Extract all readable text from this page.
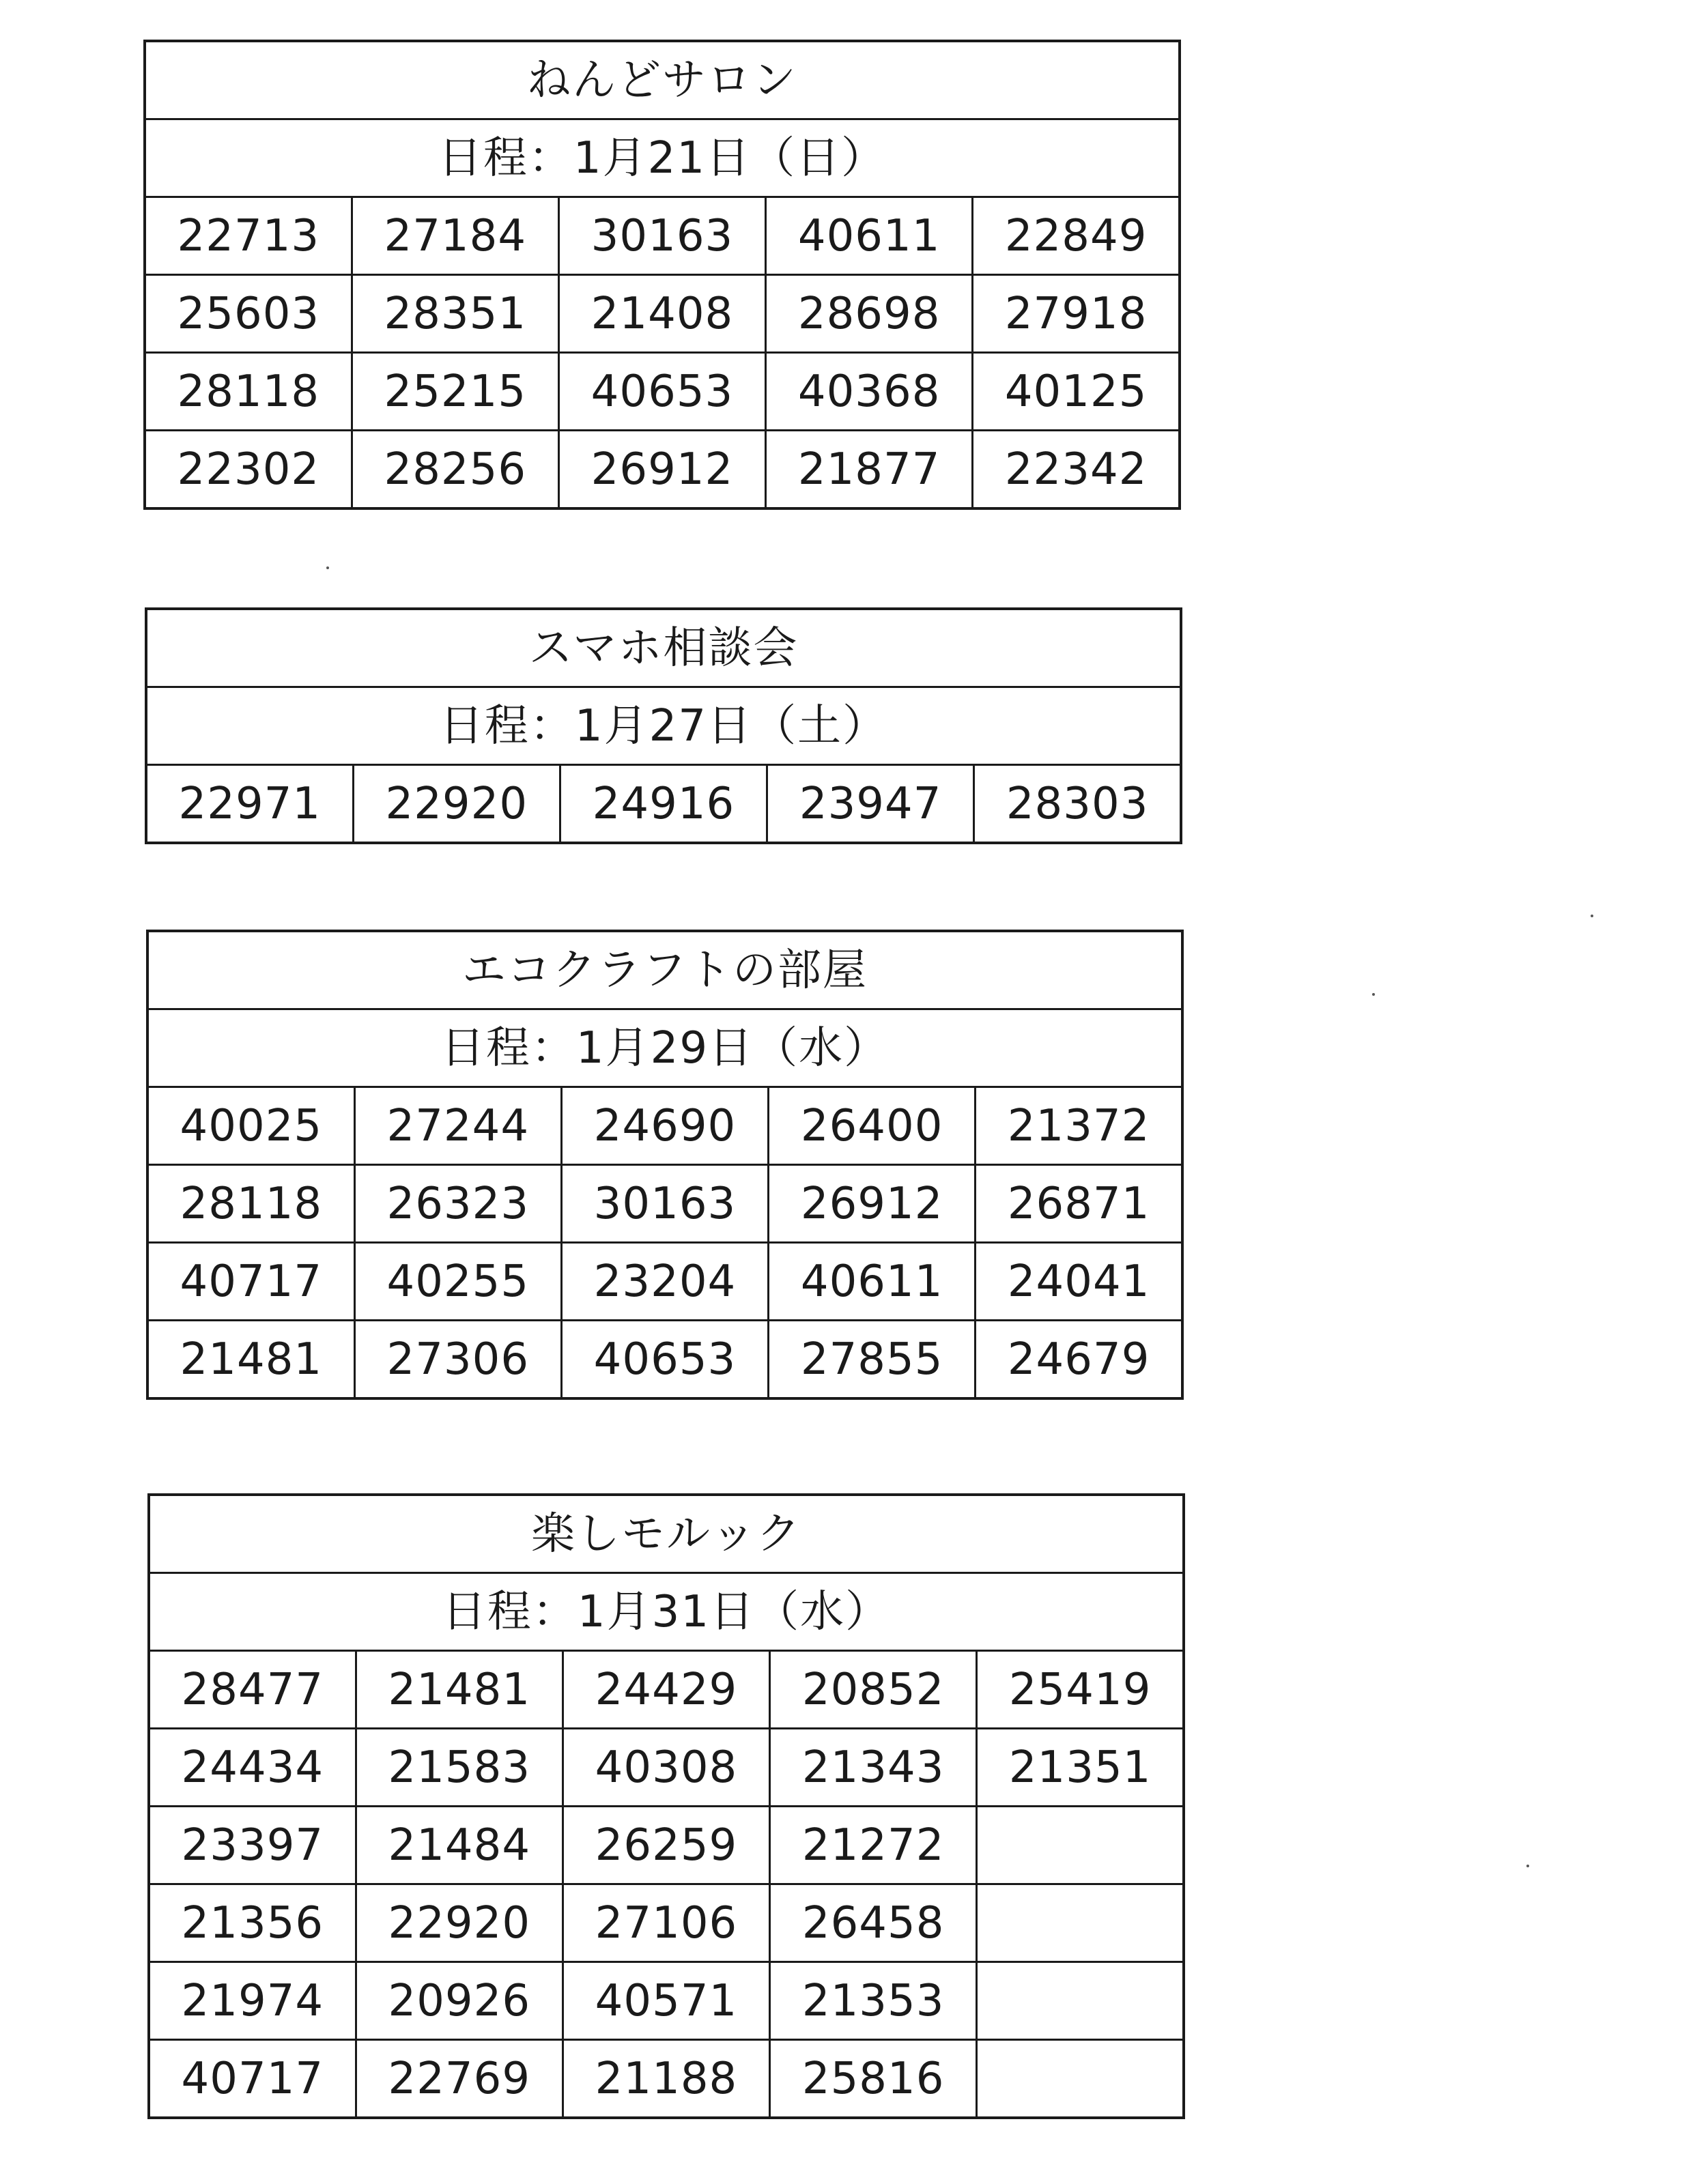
ねんどサロン				
日程：1月21日（日）				
22713	27184	30163	40611	22849
25603	28351	21408	28698	27918
28118	25215	40653	40368	40125
22302	28256	26912	21877	22342
スマホ相談会
日程：1月27日（土）
22971	22920	24916	23947	28303
エコクラフトの部屋				
日程：1月29日（水）				
40025	27244	24690	26400	21372
28118	26323	30163	26912	26871
40717	40255	23204	40611	24041
21481	27306	40653	27855	24679
楽しモルック				
日程：1月31日（水）				
28477	21481	24429	20852	25419
24434	21583	40308	21343	21351
23397	21484	26259	21272	
21356	22920	27106	26458	
21974	20926	40571	21353	
40717	22769	21188	25816	
